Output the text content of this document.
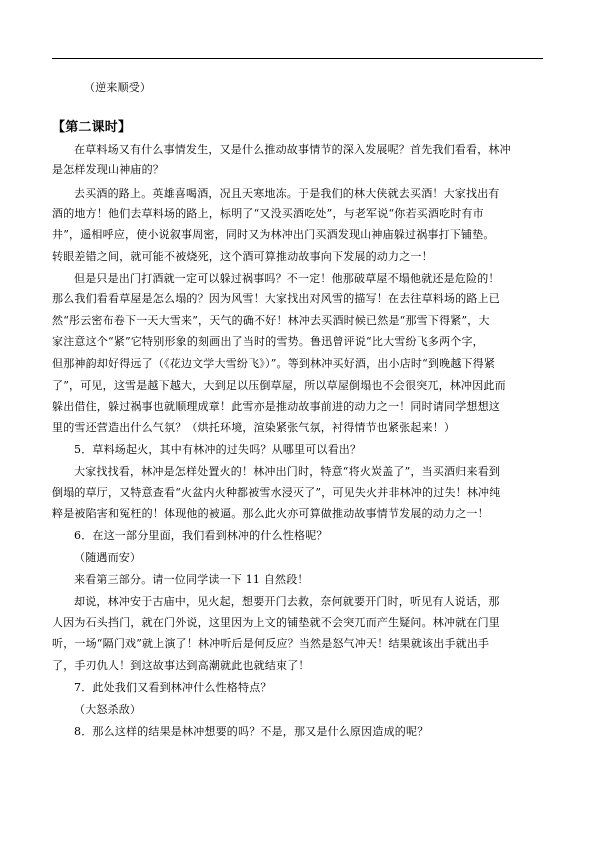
（逆来顺受）
【第二课时】
在草料场又有什么事情发生，又是什么推动故事情节的深入发展呢？首先我们看看，林冲
是怎样发现山神庙的？
去买酒的路上。英雄喜喝酒，况且天寒地冻。于是我们的林大侠就去买酒！大家找出有
酒的地方！他们去草料场的路上，标明了“又没买酒吃处”，与老军说“你若买酒吃时有市
井”，遥相呼应，使小说叙事周密，同时又为林冲出门买酒发现山神庙躲过祸事打下铺垫。
转眼差错之间，就可能不被烧死，这个酒可算推动故事向下发展的动力之一！
但是只是出门打酒就一定可以躲过祸事吗？不一定！他那破草屋不塌他就还是危险的！
那么我们看看草屋是怎么塌的？因为风雪！大家找出对风雪的描写！在去往草料场的路上已
然“彤云密布卷下一天大雪来”，天气的确不好！林冲去买酒时候已然是“那雪下得紧”，大
家注意这个“紧”它特别形象的刻画出了当时的雪势。鲁迅曾评说“比大雪纷飞多两个字，
但那神韵却好得远了（《花边文学大雪纷飞》）”。等到林冲买好酒，出小店时“到晚越下得紧
了”，可见，这雪是越下越大，大到足以压倒草屋，所以草屋倒塌也不会很突兀，林冲因此而
躲出借住，躲过祸事也就顺理成章！此雪亦是推动故事前进的动力之一！同时请同学想想这
里的雪还营造出什么气氛？（烘托环境，渲染紧张气氛，衬得情节也紧张起来！）
5．草料场起火，其中有林冲的过失吗？从哪里可以看出？
大家找找看，林冲是怎样处置火的！林冲出门时，特意“将火炭盖了”，当买酒归来看到
倒塌的草厅，又特意查看“火盆内火种都被雪水浸灭了”，可见失火并非林冲的过失！林冲纯
粹是被陷害和冤枉的！体现他的被逼。那么此火亦可算做推动故事情节发展的动力之一！
6．在这一部分里面，我们看到林冲的什么性格呢？
（随遇而安）
来看第三部分。请一位同学读一下 11 自然段！
却说，林冲安于古庙中，见火起，想要开门去救，奈何就要开门时，听见有人说话，那
人因为石头挡门，就在门外说，这里因为上文的铺垫就不会突兀而产生疑问。林冲就在门里
听，一场“隔门戏”就上演了！林冲听后是何反应？当然是怒气冲天！结果就该出手就出手
了，手刃仇人！到这故事达到高潮就此也就结束了！
7．此处我们又看到林冲什么性格特点？
（大怒杀敌）
8．那么这样的结果是林冲想要的吗？不是，那又是什么原因造成的呢？
